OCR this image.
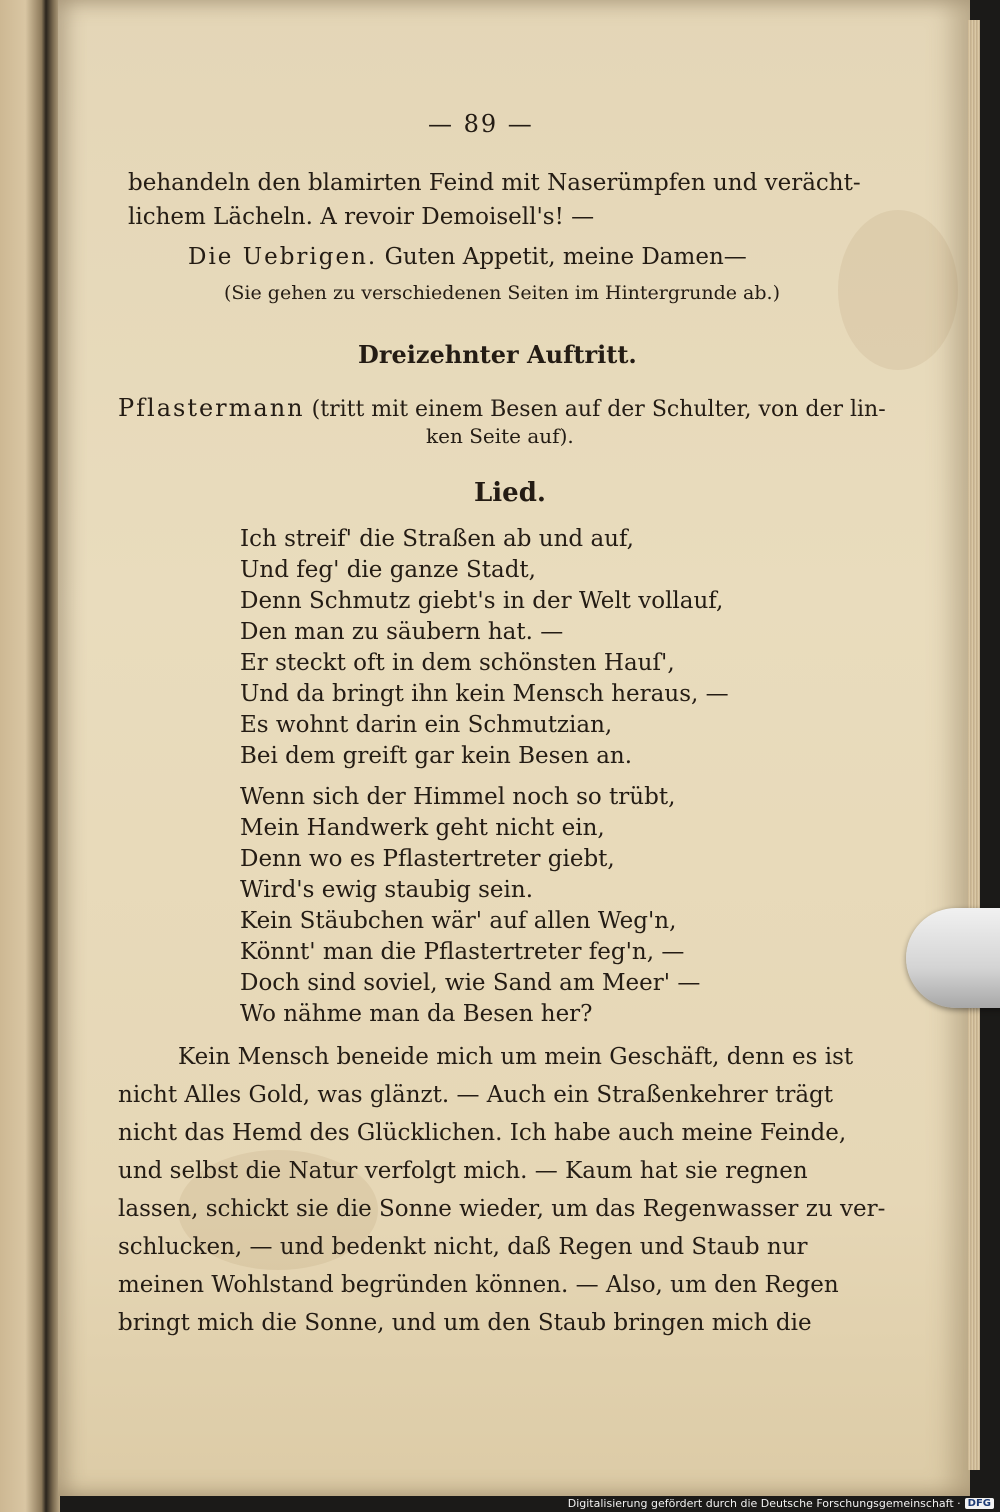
— 89 —
behandeln den blamirten Feind mit Naserümpfen und verächt-
lichem Lächeln. A revoir Demoisell's! —
Die Uebrigen. Guten Appetit, meine Damen—
(Sie gehen zu verschiedenen Seiten im Hintergrunde ab.)
Dreizehnter Auftritt.
Pflastermann (tritt mit einem Besen auf der Schulter, von der lin-
ken Seite auf).
Lied.
Ich streif' die Straßen ab und auf,
Und feg' die ganze Stadt,
Denn Schmutz giebt's in der Welt vollauf,
Den man zu säubern hat. —
Er steckt oft in dem schönsten Hauſ',
Und da bringt ihn kein Mensch heraus, —
Es wohnt darin ein Schmutzian,
Bei dem greift gar kein Besen an.
Wenn sich der Himmel noch so trübt,
Mein Handwerk geht nicht ein,
Denn wo es Pflastertreter giebt,
Wird's ewig staubig sein.
Kein Stäubchen wär' auf allen Weg'n,
Könnt' man die Pflastertreter feg'n, —
Doch sind soviel, wie Sand am Meer' —
Wo nähme man da Besen her?
Kein Mensch beneide mich um mein Geschäft, denn es ist
nicht Alles Gold, was glänzt. — Auch ein Straßenkehrer trägt
nicht das Hemd des Glücklichen. Ich habe auch meine Feinde,
und selbst die Natur verfolgt mich. — Kaum hat sie regnen
lassen, schickt sie die Sonne wieder, um das Regenwasser zu ver-
schlucken, — und bedenkt nicht, daß Regen und Staub nur
meinen Wohlstand begründen können. — Also, um den Regen
bringt mich die Sonne, und um den Staub bringen mich die
Digitalisierung gefördert durch die Deutsche Forschungsgemeinschaft · DFG
